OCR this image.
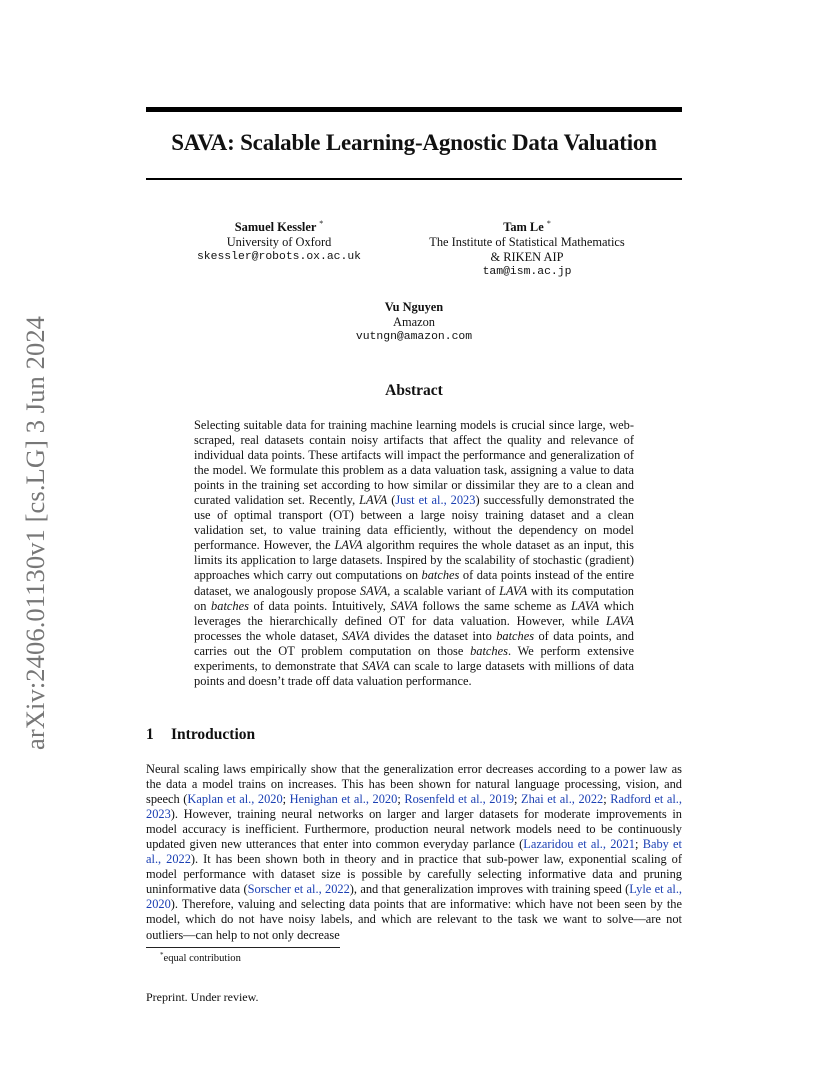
arXiv:2406.01130v1 [cs.LG] 3 Jun 2024
SAVA: Scalable Learning-Agnostic Data Valuation
Samuel Kessler *
University of Oxford
skessler@robots.ox.ac.uk
Tam Le *
The Institute of Statistical Mathematics
& RIKEN AIP
tam@ism.ac.jp
Vu Nguyen
Amazon
vutngn@amazon.com
Abstract
Selecting suitable data for training machine learning models is crucial since large, web-scraped, real datasets contain noisy artifacts that affect the quality and relevance of individual data points. These artifacts will impact the performance and generalization of the model. We formulate this problem as a data valuation task, assigning a value to data points in the training set according to how similar or dissimilar they are to a clean and curated validation set. Recently, LAVA (Just et al., 2023) successfully demonstrated the use of optimal transport (OT) between a large noisy training dataset and a clean validation set, to value training data efficiently, without the dependency on model performance. However, the LAVA algorithm requires the whole dataset as an input, this limits its application to large datasets. Inspired by the scalability of stochastic (gradient) approaches which carry out computations on batches of data points instead of the entire dataset, we analogously propose SAVA, a scalable variant of LAVA with its computation on batches of data points. Intuitively, SAVA follows the same scheme as LAVA which leverages the hierarchically defined OT for data valuation. However, while LAVA processes the whole dataset, SAVA divides the dataset into batches of data points, and carries out the OT problem computation on those batches. We perform extensive experiments, to demonstrate that SAVA can scale to large datasets with millions of data points and doesn’t trade off data valuation performance.
1 Introduction
Neural scaling laws empirically show that the generalization error decreases according to a power law as the data a model trains on increases. This has been shown for natural language processing, vision, and speech (Kaplan et al., 2020; Henighan et al., 2020; Rosenfeld et al., 2019; Zhai et al., 2022; Radford et al., 2023). However, training neural networks on larger and larger datasets for moderate improvements in model accuracy is inefficient. Furthermore, production neural network models need to be continuously updated given new utterances that enter into common everyday parlance (Lazaridou et al., 2021; Baby et al., 2022). It has been shown both in theory and in practice that sub-power law, exponential scaling of model performance with dataset size is possible by carefully selecting informative data and pruning uninformative data (Sorscher et al., 2022), and that generalization improves with training speed (Lyle et al., 2020). Therefore, valuing and selecting data points that are informative: which have not been seen by the model, which do not have noisy labels, and which are relevant to the task we want to solve—are not outliers—can help to not only decrease
*equal contribution
Preprint. Under review.
